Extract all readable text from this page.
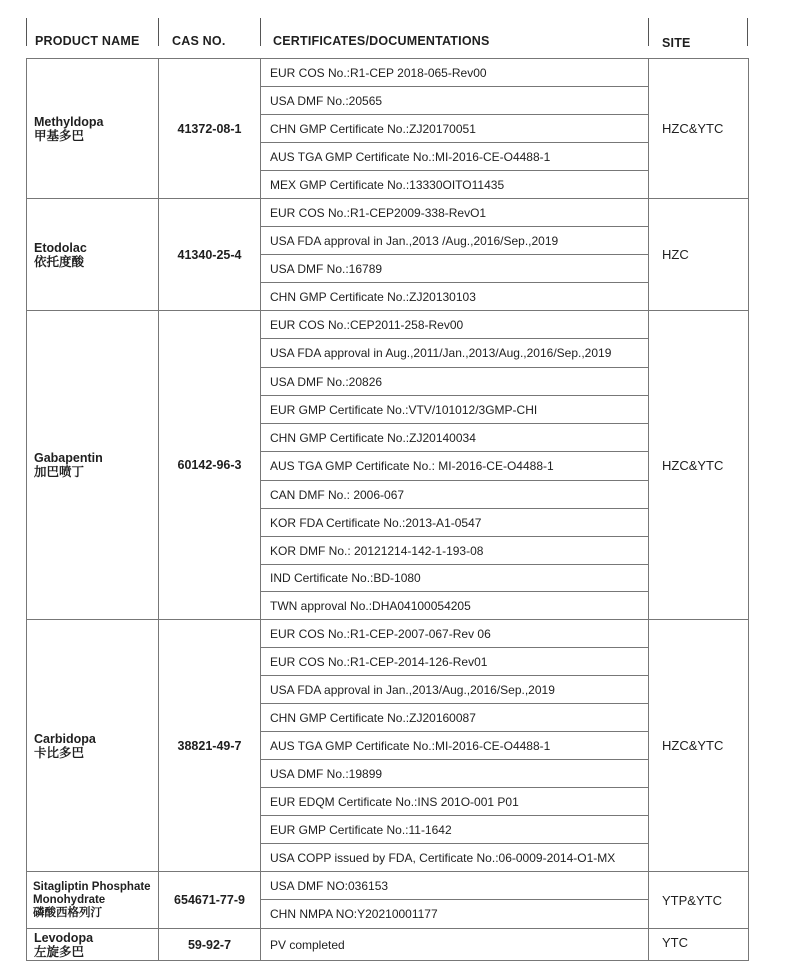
PRODUCT NAME	CAS NO.	CERTIFICATES/DOCUMENTATIONS	SITE
Methyldopa
甲基多巴	41372-08-1	EUR COS No.:R1-CEP 2018-065-Rev00	HZC&YTC
		USA DMF No.:20565	
		CHN GMP Certificate No.:ZJ20170051	
		AUS TGA GMP Certificate No.:MI-2016-CE-O4488-1	
		MEX GMP Certificate No.:13330OITO11435	
Etodolac
依托度酸	41340-25-4	EUR COS No.:R1-CEP2009-338-RevO1	HZC
		USA FDA approval in Jan.,2013 /Aug.,2016/Sep.,2019	
		USA DMF No.:16789	
		CHN GMP Certificate No.:ZJ20130103	
Gabapentin
加巴喷丁	60142-96-3	EUR COS No.:CEP2011-258-Rev00	HZC&YTC
		USA FDA approval in Aug.,2011/Jan.,2013/Aug.,2016/Sep.,2019	
		USA DMF No.:20826	
		EUR GMP Certificate No.:VTV/101012/3GMP-CHI	
		CHN GMP Certificate No.:ZJ20140034	
		AUS TGA GMP Certificate No.: MI-2016-CE-O4488-1	
		CAN DMF No.: 2006-067	
		KOR FDA Certificate No.:2013-A1-0547	
		KOR DMF No.: 20121214-142-1-193-08	
		IND Certificate No.:BD-1080	
		TWN approval No.:DHA04100054205	
Carbidopa
卡比多巴	38821-49-7	EUR COS No.:R1-CEP-2007-067-Rev 06	HZC&YTC
		EUR COS No.:R1-CEP-2014-126-Rev01	
		USA FDA approval in Jan.,2013/Aug.,2016/Sep.,2019	
		CHN GMP Certificate No.:ZJ20160087	
		AUS TGA GMP Certificate No.:MI-2016-CE-O4488-1	
		USA DMF No.:19899	
		EUR EDQM Certificate No.:INS 201O-001 P01	
		EUR GMP Certificate No.:11-1642	
		USA COPP issued by FDA, Certificate No.:06-0009-2014-O1-MX	
Sitagliptin Phosphate Monohydrate
磷酸西格列汀	654671-77-9	USA DMF NO:036153	YTP&YTC
		CHN NMPA NO:Y20210001177	
Levodopa
左旋多巴	59-92-7	PV completed	YTC
